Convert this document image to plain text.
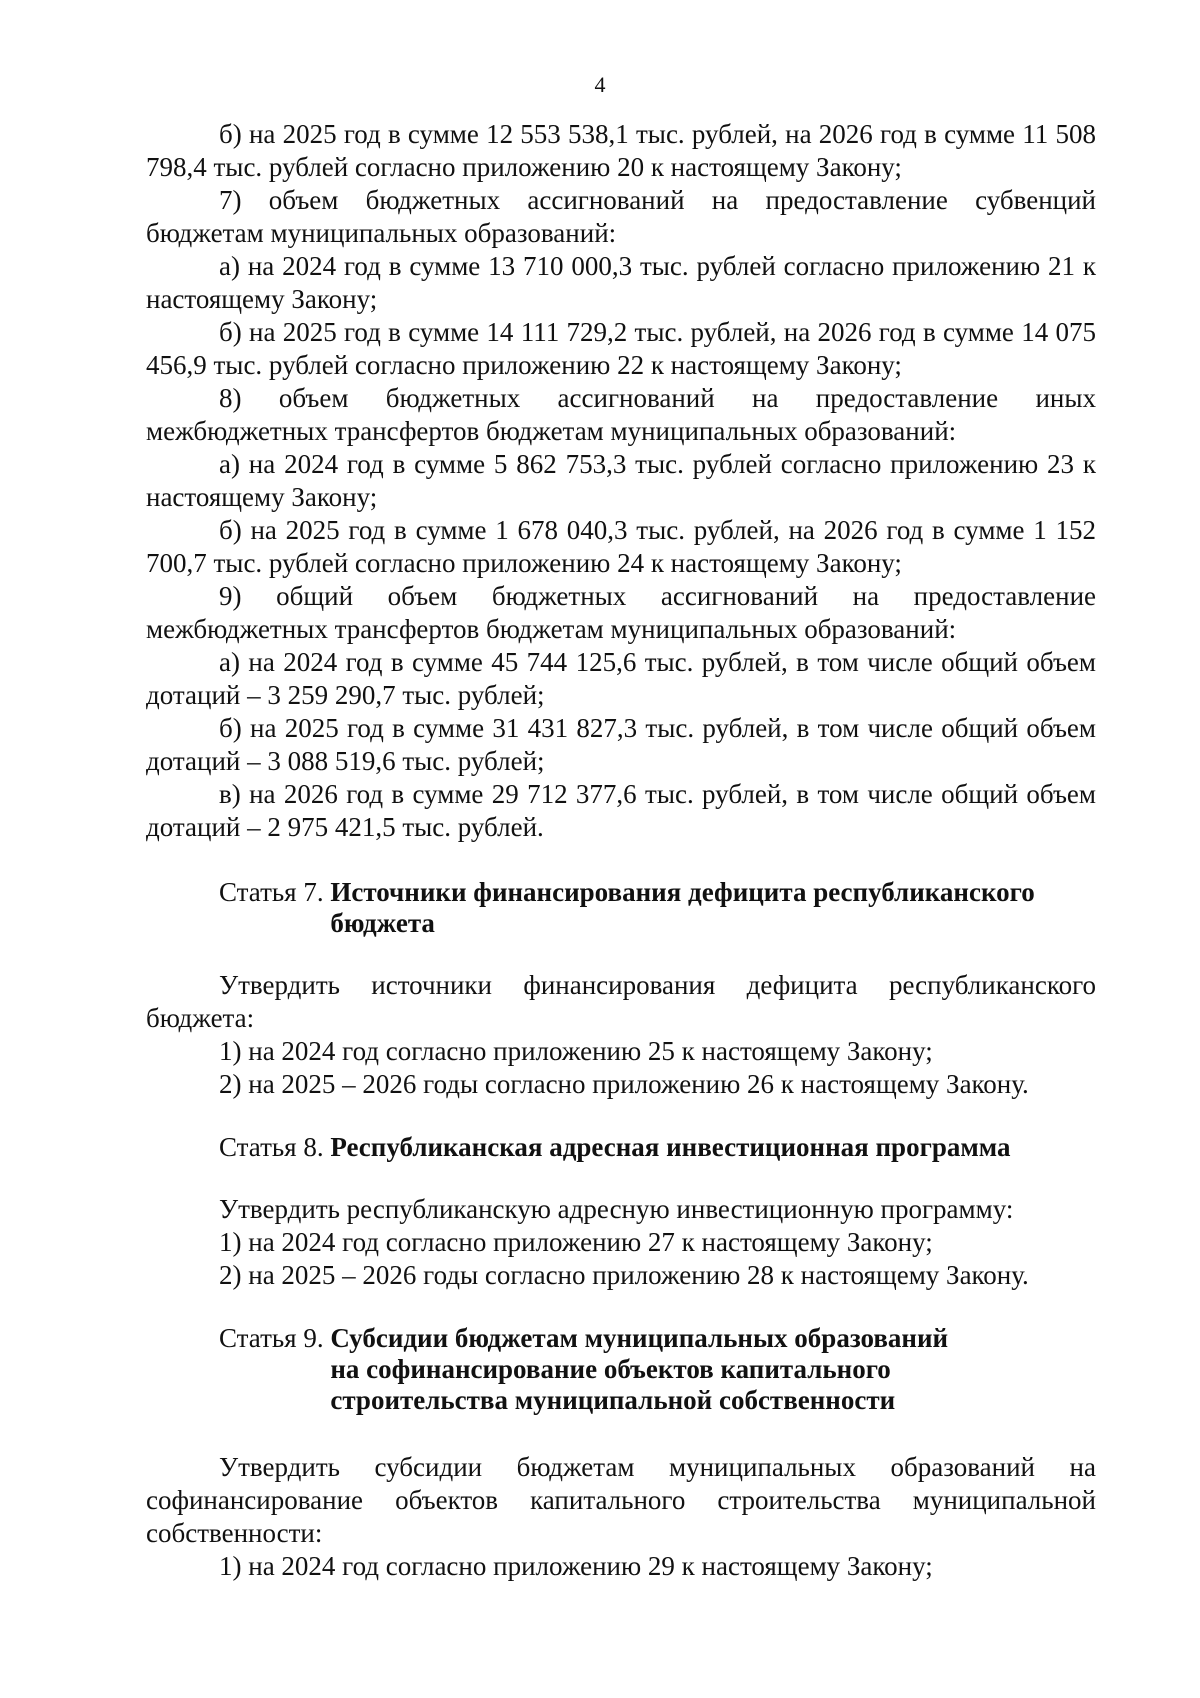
4

б) на 2025 год в сумме 12 553 538,1 тыс. рублей, на 2026 год в сумме 11 508 798,4 тыс. рублей согласно приложению 20 к настоящему Закону;

7) объем бюджетных ассигнований на предоставление субвенций бюджетам муниципальных образований:

а) на 2024 год в сумме 13 710 000,3 тыс. рублей согласно приложению 21 к настоящему Закону;

б) на 2025 год в сумме 14 111 729,2 тыс. рублей, на 2026 год в сумме 14 075 456,9 тыс. рублей согласно приложению 22 к настоящему Закону;

8) объем бюджетных ассигнований на предоставление иных межбюджетных трансфертов бюджетам муниципальных образований:

а) на 2024 год в сумме 5 862 753,3 тыс. рублей согласно приложению 23 к настоящему Закону;

б) на 2025 год в сумме 1 678 040,3 тыс. рублей, на 2026 год в сумме 1 152 700,7 тыс. рублей согласно приложению 24 к настоящему Закону;

9) общий объем бюджетных ассигнований на предоставление межбюджетных трансфертов бюджетам муниципальных образований:

а) на 2024 год в сумме 45 744 125,6 тыс. рублей, в том числе общий объем дотаций – 3 259 290,7 тыс. рублей;

б) на 2025 год в сумме 31 431 827,3 тыс. рублей, в том числе общий объем дотаций – 3 088 519,6 тыс. рублей;

в) на 2026 год в сумме 29 712 377,6 тыс. рублей, в том числе общий объем дотаций – 2 975 421,5 тыс. рублей.

Статья 7. Источники финансирования дефицита республиканского
бюджета

Утвердить источники финансирования дефицита республиканского бюджета:

1) на 2024 год согласно приложению 25 к настоящему Закону;

2) на 2025 – 2026 годы согласно приложению 26 к настоящему Закону.

Статья 8. Республиканская адресная инвестиционная программа

Утвердить республиканскую адресную инвестиционную программу:

1) на 2024 год согласно приложению 27 к настоящему Закону;

2) на 2025 – 2026 годы согласно приложению 28 к настоящему Закону.

Статья 9. Субсидии бюджетам муниципальных образований
на софинансирование объектов капитального
строительства муниципальной собственности

Утвердить субсидии бюджетам муниципальных образований на софинансирование объектов капитального строительства муниципальной собственности:

1) на 2024 год согласно приложению 29 к настоящему Закону;
